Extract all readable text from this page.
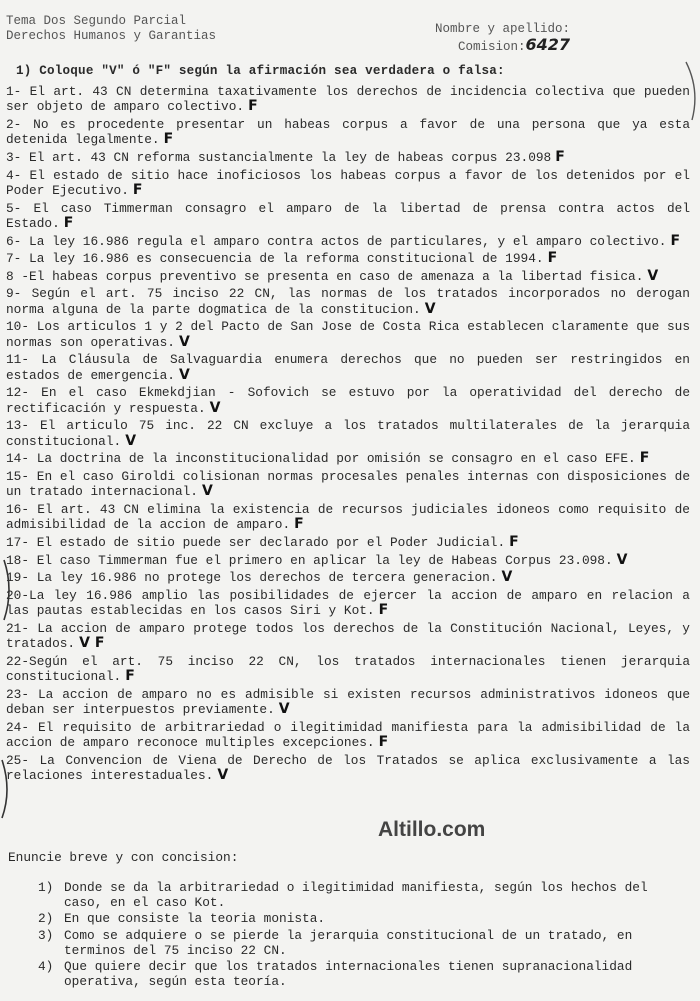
Tema Dos Segundo Parcial
Derechos Humanos y Garantias	Nombre y apellido:
Comision:6427
1) Coloque "V" ó "F" según la afirmación sea verdadera o falsa:
1- El art. 43 CN determina taxativamente los derechos de incidencia colectiva que pueden ser objeto de amparo colectivo. F
2- No es procedente presentar un habeas corpus a favor de una persona que ya esta detenida legalmente. F
3- El art. 43 CN reforma sustancialmente la ley de habeas corpus 23.098 F
4- El estado de sitio hace inoficiosos los habeas corpus a favor de los detenidos por el Poder Ejecutivo. F
5- El caso Timmerman consagro el amparo de la libertad de prensa contra actos del Estado. F
6- La ley 16.986 regula el amparo contra actos de particulares, y el amparo colectivo. F
7- La ley 16.986 es consecuencia de la reforma constitucional de 1994. F
8 -El habeas corpus preventivo se presenta en caso de amenaza a la libertad fisica. V
9- Según el art. 75 inciso 22 CN, las normas de los tratados incorporados no derogan norma alguna de la parte dogmatica de la constitucion. V
10- Los articulos 1 y 2 del Pacto de San Jose de Costa Rica establecen claramente que sus normas son operativas. V
11- La Cláusula de Salvaguardia enumera derechos que no pueden ser restringidos en estados de emergencia. V
12- En el caso Ekmekdjian - Sofovich se estuvo por la operatividad del derecho de rectificación y respuesta. V
13- El articulo 75 inc. 22 CN excluye a los tratados multilaterales de la jerarquia constitucional. V
14- La doctrina de la inconstitucionalidad por omisión se consagro en el caso EFE. F
15- En el caso Giroldi colisionan normas procesales penales internas con disposiciones de un tratado internacional. V
16- El art. 43 CN elimina la existencia de recursos judiciales idoneos como requisito de admisibilidad de la accion de amparo. F
17- El estado de sitio puede ser declarado por el Poder Judicial. F
18- El caso Timmerman fue el primero en aplicar la ley de Habeas Corpus 23.098. V
19- La ley 16.986 no protege los derechos de tercera generacion. V
20-La ley 16.986 amplio las posibilidades de ejercer la accion de amparo en relacion a las pautas establecidas en los casos Siri y Kot. F
21- La accion de amparo protege todos los derechos de la Constitución Nacional, Leyes, y tratados. V F
22-Según el art. 75 inciso 22 CN, los tratados internacionales tienen jerarquia constitucional. F
23- La accion de amparo no es admisible si existen recursos administrativos idoneos que deban ser interpuestos previamente. V
24- El requisito de arbitrariedad o ilegitimidad manifiesta para la admisibilidad de la accion de amparo reconoce multiples excepciones. F
25- La Convencion de Viena de Derecho de los Tratados se aplica exclusivamente a las relaciones interestaduales. V
Altillo.com
Enuncie breve y con concision:
1) Donde se da la arbitrariedad o ilegitimidad manifiesta, según los hechos del caso, en el caso Kot.
2) En que consiste la teoria monista.
3) Como se adquiere o se pierde la jerarquia constitucional de un tratado, en terminos del 75 inciso 22 CN.
4) Que quiere decir que los tratados internacionales tienen supranacionalidad operativa, según esta teoría.
